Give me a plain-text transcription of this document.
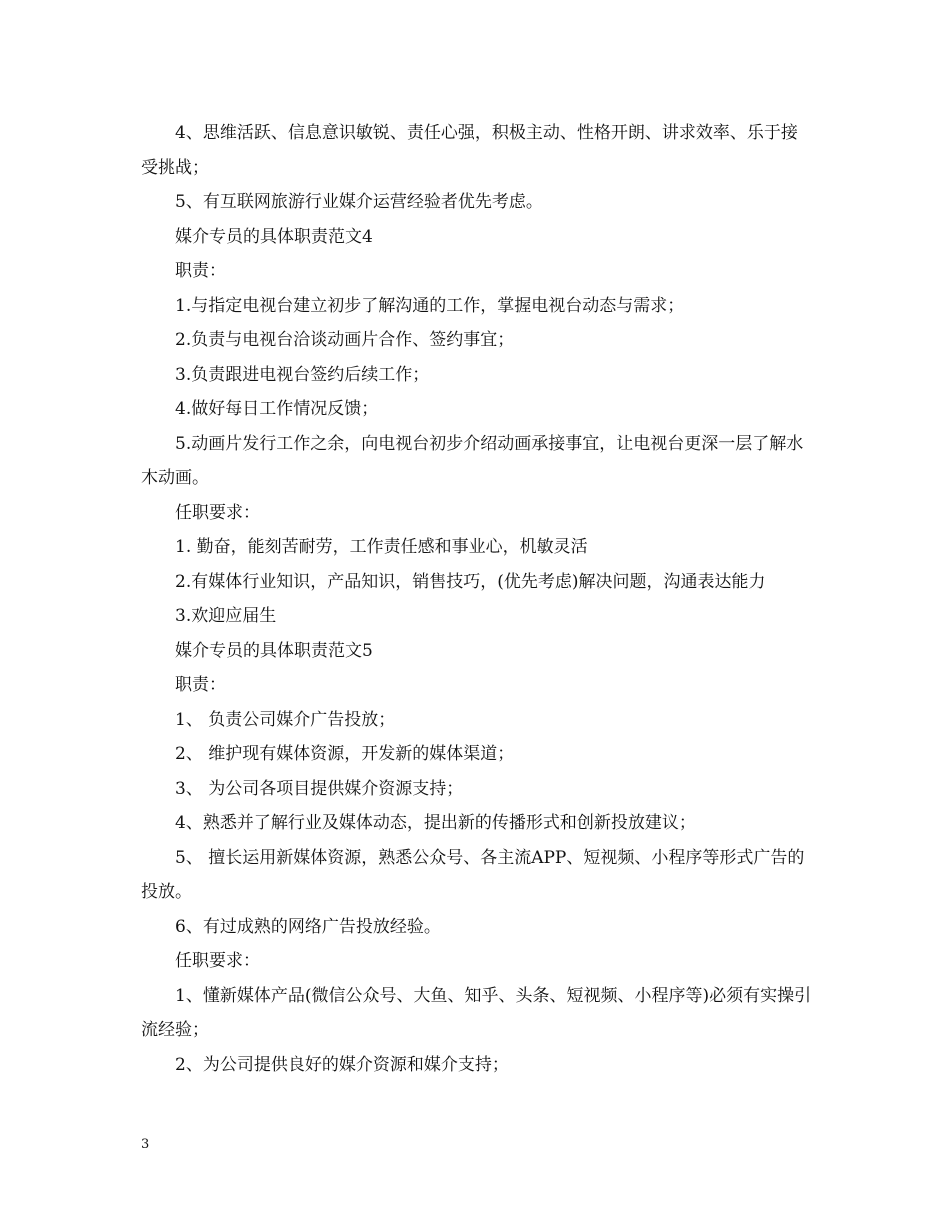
4、思维活跃、信息意识敏锐、责任心强，积极主动、性格开朗、讲求效率、乐于接受挑战；

5、有互联网旅游行业媒介运营经验者优先考虑。

媒介专员的具体职责范文4

职责：

1.与指定电视台建立初步了解沟通的工作，掌握电视台动态与需求；

2.负责与电视台洽谈动画片合作、签约事宜；

3.负责跟进电视台签约后续工作；

4.做好每日工作情况反馈；

5.动画片发行工作之余，向电视台初步介绍动画承接事宜，让电视台更深一层了解水木动画。

任职要求：

1. 勤奋，能刻苦耐劳，工作责任感和事业心，机敏灵活

2.有媒体行业知识，产品知识，销售技巧，(优先考虑)解决问题，沟通表达能力

3.欢迎应届生

媒介专员的具体职责范文5

职责：

1、 负责公司媒介广告投放；

2、 维护现有媒体资源，开发新的媒体渠道；

3、 为公司各项目提供媒介资源支持；

4、熟悉并了解行业及媒体动态，提出新的传播形式和创新投放建议；

5、 擅长运用新媒体资源，熟悉公众号、各主流APP、短视频、小程序等形式广告的投放。

6、有过成熟的网络广告投放经验。

任职要求：

1、懂新媒体产品(微信公众号、大鱼、知乎、头条、短视频、小程序等)必须有实操引流经验；

2、为公司提供良好的媒介资源和媒介支持；

3
